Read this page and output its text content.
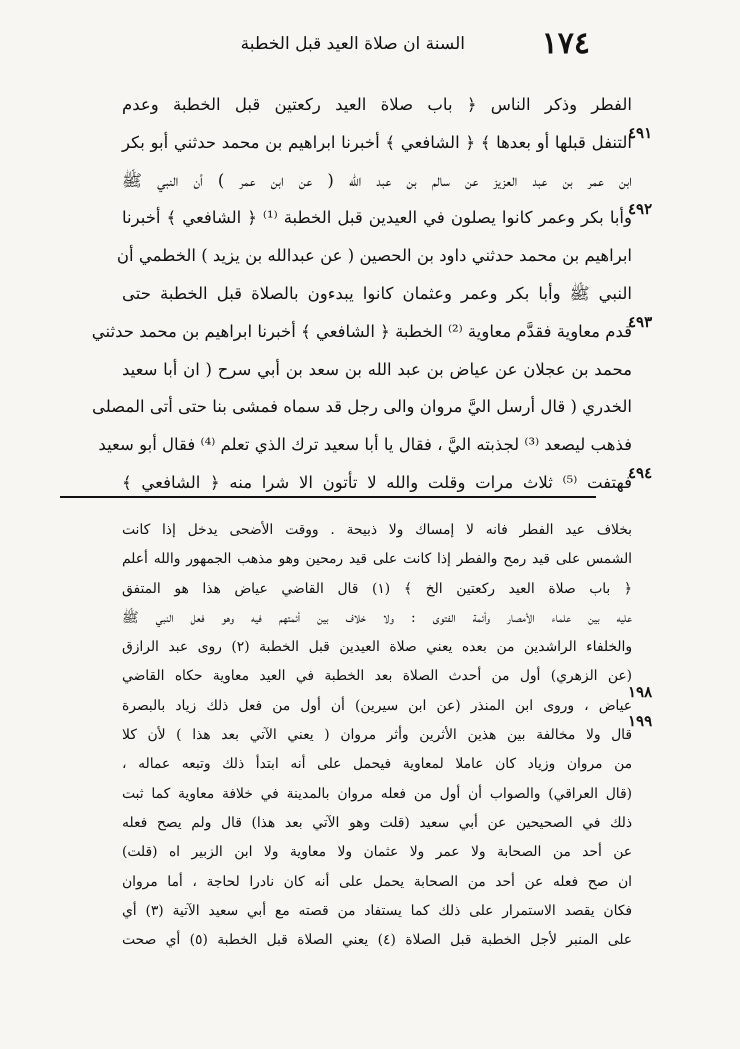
١٧٤
السنة ان صلاة العيد قبل الخطبة
الفطر وذكر الناس ﴿ باب صلاة العيد ركعتين قبل الخطبة وعدم
التنفل قبلها أو بعدها ﴾ ﴿ الشافعي ﴾ أخبرنا ابراهيم بن محمد حدثني أبو بكر
ابن عمر بن عبد العزيز عن سالم بن عبد الله ( عن ابن عمر ) أن النبي ﷺ
وأبا بكر وعمر كانوا يصلون في العيدين قبل الخطبة ⁽¹⁾ ﴿ الشافعي ﴾ أخبرنا
ابراهيم بن محمد حدثني داود بن الحصين ( عن عبدالله بن يزيد ) الخطمي أن
النبي ﷺ وأبا بكر وعمر وعثمان كانوا يبدءون بالصلاة قبل الخطبة حتى
قدم معاوية فقدَّم معاوية ⁽²⁾ الخطبة ﴿ الشافعي ﴾ أخبرنا ابراهيم بن محمد حدثني
محمد بن عجلان عن عياض بن عبد الله بن سعد بن أبي سرح ( ان أبا سعيد
الخدري ( قال أرسل اليَّ مروان والى رجل قد سماه فمشى بنا حتى أتى المصلى
فذهب ليصعد ⁽³⁾ لجذبته اليَّ ، فقال يا أبا سعيد ترك الذي تعلم ⁽⁴⁾ فقال أبو سعيد
فهتفت ⁽⁵⁾ ثلاث مرات وقلت والله لا تأتون الا شرا منه ﴿ الشافعي ﴾
٤٩١
٤٩٢
٤٩٣
٤٩٤
بخلاف عيد الفطر فانه لا إمساك ولا ذبيحة . ووقت الأضحى يدخل إذا كانت
الشمس على قيد رمح والفطر إذا كانت على قيد رمحين وهو مذهب الجمهور والله أعلم
﴿ باب صلاة العيد ركعتين الخ ﴾ (١) قال القاضي عياض هذا هو المتفق
عليه بين علماء الأمصار وأئمة الفتوى : ولا خلاف بين أئمتهم فيه وهو فعل النبي ﷺ
والخلفاء الراشدين من بعده يعني صلاة العيدين قبل الخطبة (٢) روى عبد الرازق
(عن الزهري) أول من أحدث الصلاة بعد الخطبة في العيد معاوية حكاه القاضي
عياض ، وروى ابن المنذر (عن ابن سيرين) أن أول من فعل ذلك زياد بالبصرة
قال ولا مخالفة بين هذين الأثرين وأثر مروان ( يعني الآتي بعد هذا ) لأن كلا
من مروان وزياد كان عاملا لمعاوية فيحمل على أنه ابتدأ ذلك وتبعه عماله ،
(قال العراقي) والصواب أن أول من فعله مروان بالمدينة في خلافة معاوية كما ثبت
ذلك في الصحيحين عن أبي سعيد (قلت وهو الآتي بعد هذا) قال ولم يصح فعله
عن أحد من الصحابة ولا عمر ولا عثمان ولا معاوية ولا ابن الزبير اه (قلت)
ان صح فعله عن أحد من الصحابة يحمل على أنه كان نادرا لحاجة ، أما مروان
فكان يقصد الاستمرار على ذلك كما يستفاد من قصته مع أبي سعيد الآتية (٣) أي
على المنبر لأجل الخطبة قبل الصلاة (٤) يعني الصلاة قبل الخطبة (٥) أي صحت
١٩٨
١٩٩
